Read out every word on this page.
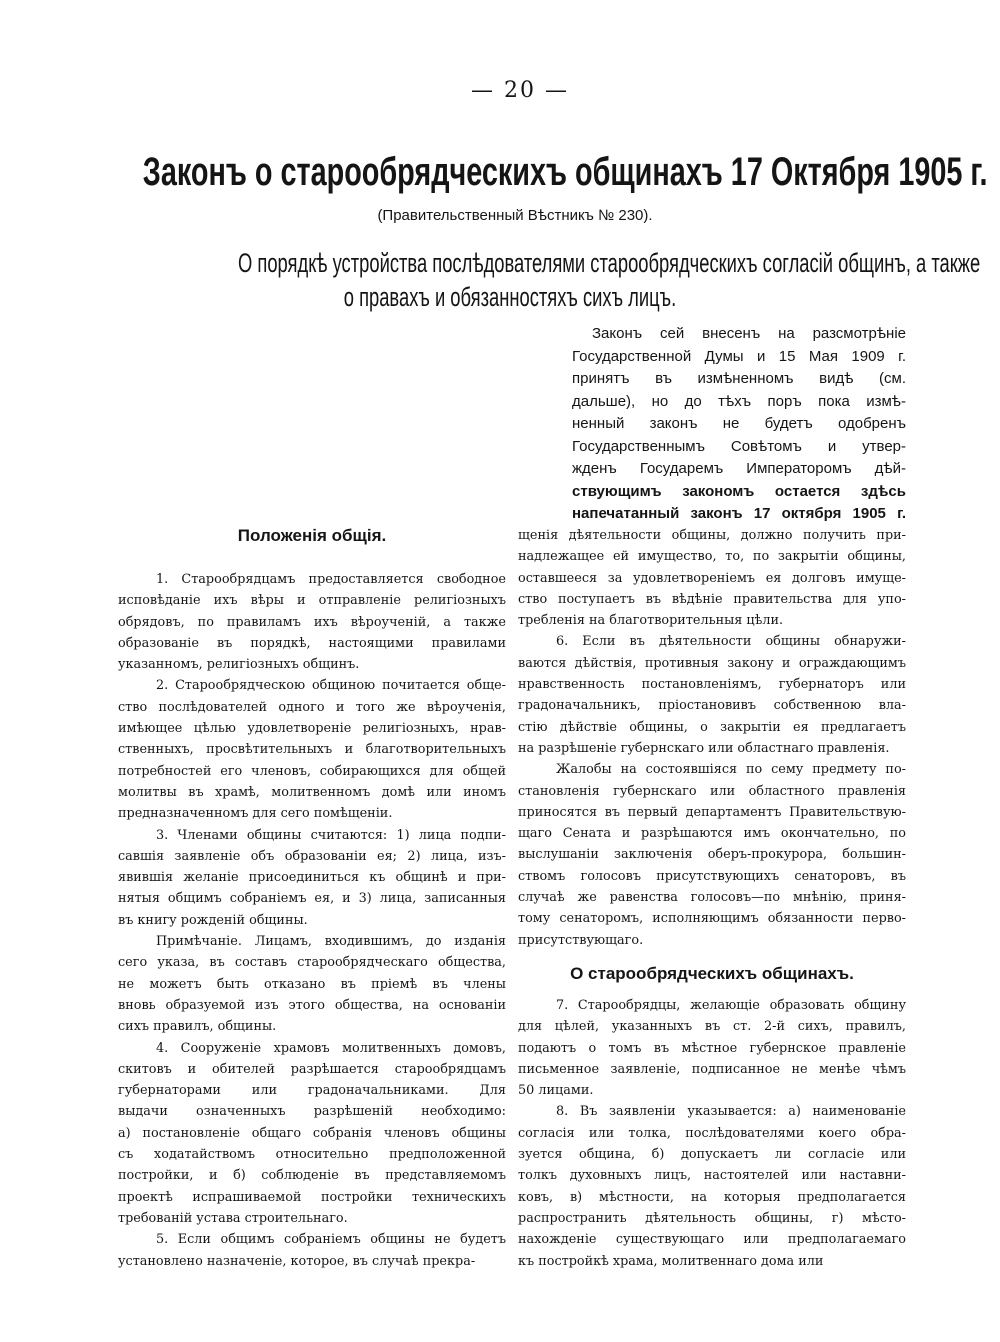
— 20 —
Законъ о старообрядческихъ общинахъ 17 Октября 1905 г.
(Правительственный Вѣстникъ № 230).
О порядкѣ устройства послѣдователями старообрядческихъ согласій общинъ, а также
о правахъ и обязанностяхъ сихъ лицъ.
Законъ сей внесенъ на разсмотрѣніе
Государственной Думы и 15 Мая 1909 г.
принятъ въ измѣненномъ видѣ (см.
дальше), но до тѣхъ поръ пока измѣ-
ненный законъ не будетъ одобренъ
Государственнымъ Совѣтомъ и утвер-
жденъ Государемъ Императоромъ дѣй-
ствующимъ закономъ остается здѣсь
напечатанный законъ 17 октября 1905 г.
Положенія общія.
1. Старообрядцамъ предоставляется свободное
исповѣданіе ихъ вѣры и отправленіе религіозныхъ
обрядовъ, по правиламъ ихъ вѣроученій, а также
образованіе въ порядкѣ, настоящими правилами
указанномъ, религіозныхъ общинъ.
2. Старообрядческою общиною почитается обще-
ство послѣдователей одного и того же вѣроученія,
имѣющее цѣлью удовлетвореніе религіозныхъ, нрав-
ственныхъ, просвѣтительныхъ и благотворительныхъ
потребностей его членовъ, собирающихся для общей
молитвы въ храмѣ, молитвенномъ домѣ или иномъ
предназначенномъ для сего помѣщеніи.
3. Членами общины считаются: 1) лица подпи-
савшія заявленіе объ образованіи ея; 2) лица, изъ-
явившія желаніе присоединиться къ общинѣ и при-
нятыя общимъ собраніемъ ея, и 3) лица, записанныя
въ книгу рожденій общины.
Примѣчаніе. Лицамъ, входившимъ, до изданія
сего указа, въ составъ старообрядческаго общества,
не можетъ быть отказано въ пріемѣ въ члены
вновь образуемой изъ этого общества, на основаніи
сихъ правилъ, общины.
4. Сооруженіе храмовъ молитвенныхъ домовъ,
скитовъ и обителей разрѣшается старообрядцамъ
губернаторами или градоначальниками. Для
выдачи означенныхъ разрѣшеній необходимо:
а) постановленіе общаго собранія членовъ общины
съ ходатайствомъ относительно предположенной
постройки, и б) соблюденіе въ представляемомъ
проектѣ испрашиваемой постройки техническихъ
требованій устава строительнаго.
5. Если общимъ собраніемъ общины не будетъ
установлено назначеніе, которое, въ случаѣ прекра-
щенія дѣятельности общины, должно получить при-
надлежащее ей имущество, то, по закрытіи общины,
оставшееся за удовлетвореніемъ ея долговъ имуще-
ство поступаетъ въ вѣдѣніе правительства для упо-
требленія на благотворительныя цѣли.
6. Если въ дѣятельности общины обнаружи-
ваются дѣйствія, противныя закону и ограждающимъ
нравственность постановленіямъ, губернаторъ или
градоначальникъ, пріостановивъ собственною вла-
стію дѣйствіе общины, о закрытіи ея предлагаетъ
на разрѣшеніе губернскаго или областнаго правленія.
Жалобы на состоявшіяся по сему предмету по-
становленія губернскаго или областного правленія
приносятся въ первый департаментъ Правительствую-
щаго Сената и разрѣшаются имъ окончательно, по
выслушаніи заключенія оберъ-прокурора, большин-
ствомъ голосовъ присутствующихъ сенаторовъ, въ
случаѣ же равенства голосовъ—по мнѣнію, приня-
тому сенаторомъ, исполняющимъ обязанности перво-
присутствующаго.
О старообрядческихъ общинахъ.
7. Старообрядцы, желающіе образовать общину
для цѣлей, указанныхъ въ ст. 2-й сихъ, правилъ,
подаютъ о томъ въ мѣстное губернское правленіе
письменное заявленіе, подписанное не менѣе чѣмъ
50 лицами.
8. Въ заявленіи указывается: а) наименованіе
согласія или толка, послѣдователями коего обра-
зуется община, б) допускаетъ ли согласіе или
толкъ духовныхъ лицъ, настоятелей или наставни-
ковъ, в) мѣстности, на которыя предполагается
распространить дѣятельность общины, г) мѣсто-
нахожденіе существующаго или предполагаемаго
къ постройкѣ храма, молитвеннаго дома или
